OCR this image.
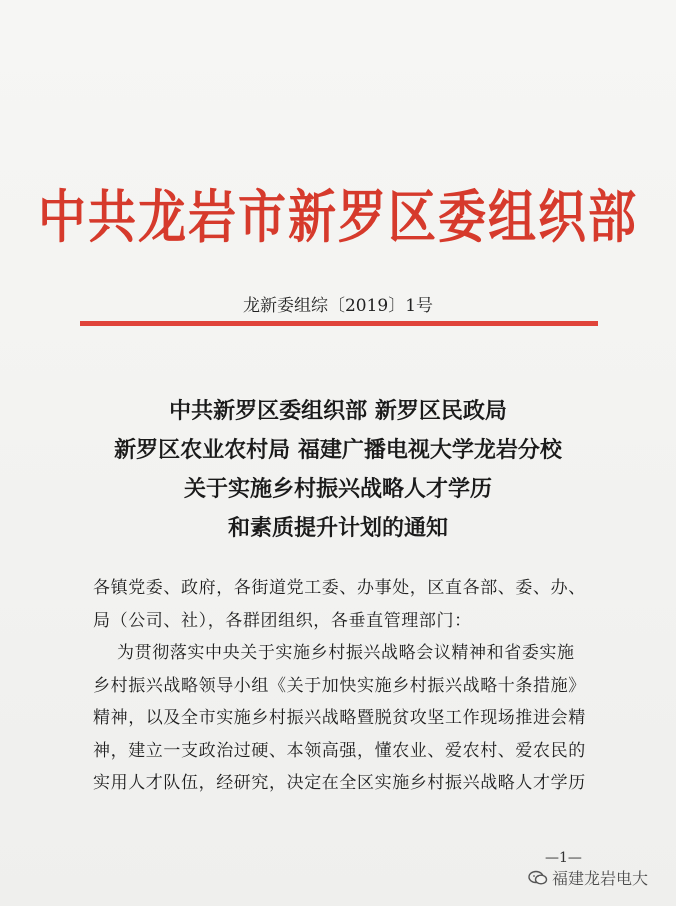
中共龙岩市新罗区委组织部
龙新委组综〔2019〕1号
中共新罗区委组织部 新罗区民政局
新罗区农业农村局 福建广播电视大学龙岩分校
关于实施乡村振兴战略人才学历
和素质提升计划的通知
各镇党委、政府，各街道党工委、办事处，区直各部、委、办、
局（公司、社），各群团组织，各垂直管理部门：
为贯彻落实中央关于实施乡村振兴战略会议精神和省委实施
乡村振兴战略领导小组《关于加快实施乡村振兴战略十条措施》
精神，以及全市实施乡村振兴战略暨脱贫攻坚工作现场推进会精
神，建立一支政治过硬、本领高强，懂农业、爱农村、爱农民的
实用人才队伍，经研究，决定在全区实施乡村振兴战略人才学历
—1—
福建龙岩电大
